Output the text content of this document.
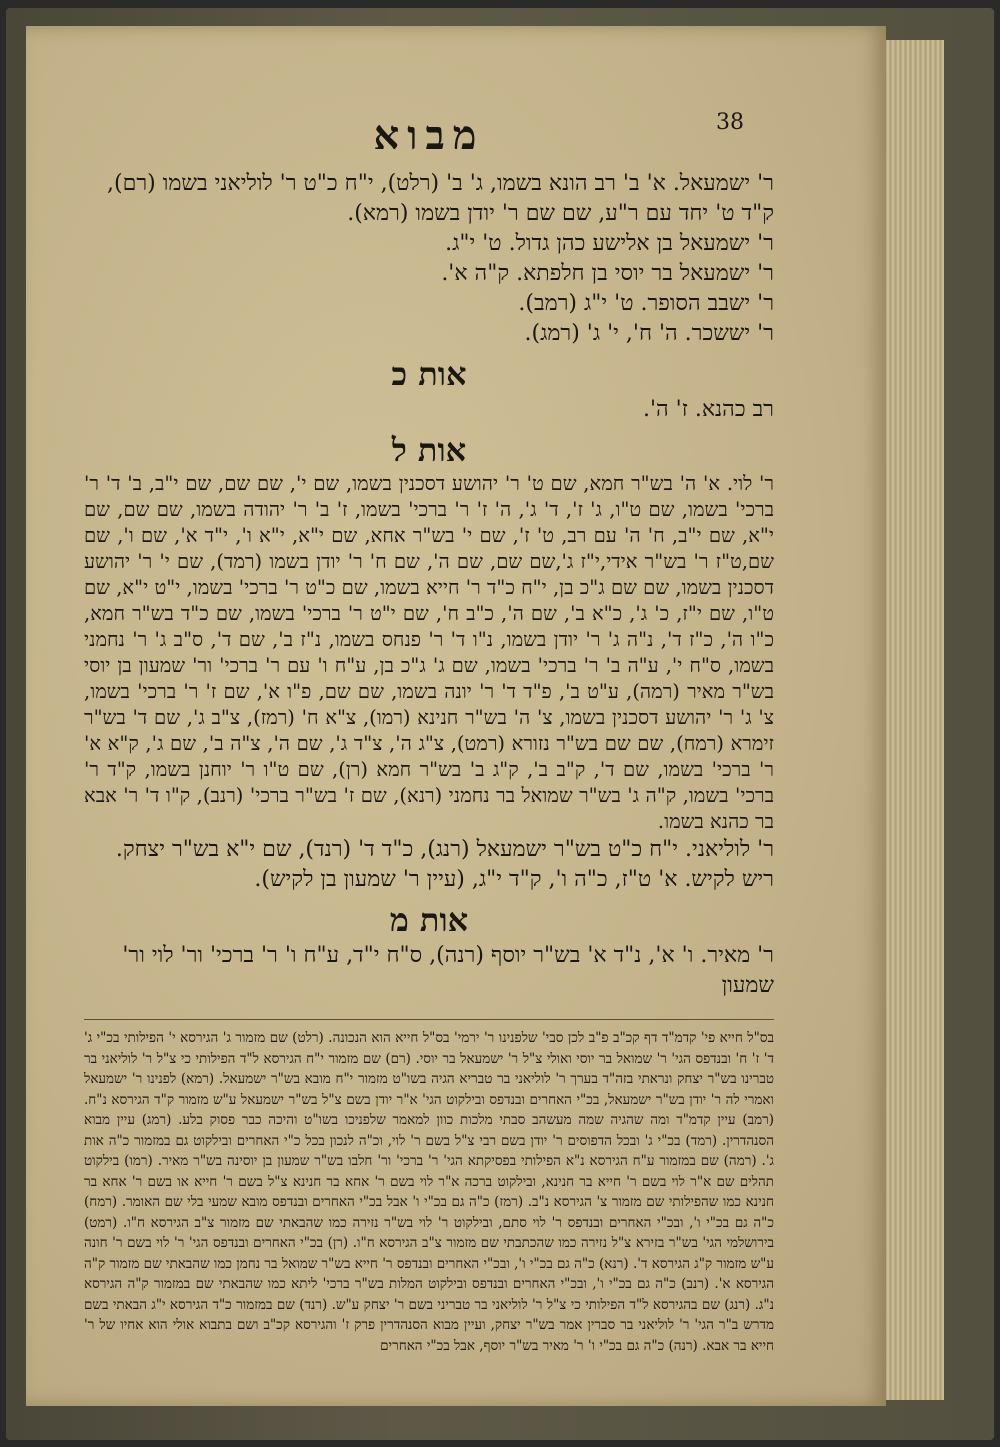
38
מבוא

ר' ישמעאל. א' ב' רב הונא בשמו, ג' ב' (רלט), י"ח כ"ט ר' לוליאני בשמו (רם), ק"ד ט' יחד עם ר"ע, שם שם ר' יודן בשמו (רמא).

ר' ישמעאל בן אלישע כהן גדול. ט' י"ג.

ר' ישמעאל בר יוסי בן חלפתא. ק"ה א'.

ר' ישבב הסופר. ט' י"ג (רמב).

ר' יששכר. ה' ח', י' ג' (רמג).

אות כ

רב כהנא. ז' ה'.

אות ל

ר' לוי. א' ה' בש"ר חמא, שם ט' ר' יהושע דסכנין בשמו, שם י', שם שם, שם י"ב, ב' ד' ר' ברכי' בשמו, שם ט"ו, ג' ז', ד' ג', ה' ז' ר' ברכי' בשמו, ז' ב' ר' יהודה בשמו, שם שם, שם י"א, שם י"ב, ח' ה' עם רב, ט' ז', שם י' בש"ר אחא, שם י"א, י"א ו', י"ד א', שם ו', שם שם,ט"ז ר' בש"ר אידי,י"ז ג',שם שם, שם ה', שם ח' ר' יודן בשמו (רמד), שם י' ר' יהושע דסכנין בשמו, שם שם ג"כ בן, י"ח כ"ד ר' חייא בשמו, שם כ"ט ר' ברכי' בשמו, י"ט י"א, שם ט"ו, שם י"ז, כ' ג', כ"א ב', שם ה', כ"ב ח', שם י"ט ר' ברכי' בשמו, שם כ"ד בש"ר חמא, כ"ו ה', כ"ז ד', נ"ה ג' ר' יודן בשמו, נ"ו ד' ר' פנחס בשמו, נ"ז ב', שם ד', ס"ב ג' ר' נחמני בשמו, ס"ח י', ע"ה ב' ר' ברכי' בשמו, שם ג' ג"כ בן, ע"ח ו' עם ר' ברכי' ור' שמעון בן יוסי בש"ר מאיר (רמה), ע"ט ב', פ"ד ד' ר' יונה בשמו, שם שם, פ"ו א', שם ז' ר' ברכי' בשמו, צ' ג' ר' יהושע דסכנין בשמו, צ' ה' בש"ר חנינא (רמו), צ"א ח' (רמז), צ"ב ג', שם ד' בש"ר זימרא (רמח), שם שם בש"ר נזורא (רמט), צ"ג ה', צ"ד ג', שם ה', צ"ה ב', שם ג', ק"א א' ר' ברכי' בשמו, שם ד', ק"ב ב', ק"ג ב' בש"ר חמא (רן), שם ט"ו ר' יוחנן בשמו, ק"ד ר' ברכי' בשמו, ק"ה ג' בש"ר שמואל בר נחמני (רנא), שם ז' בש"ר ברכי' (רנב), ק"ו ד' ר' אבא בר כהנא בשמו.

ר' לוליאני. י"ח כ"ט בש"ר ישמעאל (רנג), כ"ד ד' (רנד), שם י"א בש"ר יצחק.

ריש לקיש. א' ט"ז, כ"ה ו', ק"ד י"ג, (עיין ר' שמעון בן לקיש).

אות מ

ר' מאיר. ו' א', נ"ד א' בש"ר יוסף (רנה), ס"ח י"ד, ע"ח ו' ר' ברכי' ור' לוי ור' שמעון

בס"ל חייא פי' קדמ"ד דף קכ"ב פ"ב לכן סבי' שלפנינו ר' ירמי' בס"ל חייא הוא הנכונה. (רלט) שם מזמור ג' הגירסא י' הפילותי בכ"י ג' ד' ז' ח' ובנדפס הגי' ר' שמואל בר יוסי ואולי צ"ל ר' ישמעאל בר יוסי. (רם) שם מזמור י"ח הגירסא ל"ד הפילותי כי צ"ל ר' לוליאני בר טברינו בש"ר יצחק ונראתי בזה"ד בערך ר' לוליאני בר טבריא הגיה בשו"ט מזמור י"ח מובא בש"ר ישמעאל. (רמא) לפנינו ר' ישמעאל ואמרי לה ר' יודן בש"ר ישמעאל, בכ"י האחרים ובנדפס ובילקוט הגי' א"ר יודן בשם צ"ל בש"ר ישמעאל ע"ש מזמור ק"ד הגירסא נ"ח. (רמב) עיין קדמ"ד ומה שהגיה שמה מעשהב סבתי מלכות כוון למאמר שלפניכו בשו"ט והיכה כבר פסוק בלע. (רמג) עיין מבוא הסנהדרין. (רמד) בכ"י ג' ובכל הדפוסים ר' יודן בשם רבי צ"ל בשם ר' לוי, וכ"ה לנכון בכל כ"י האחרים ובילקוט גם במזמור כ"ה אות ג'. (רמה) שם במזמור ע"ח הגירסא נ"א הפילותי בפסיקתא הגי' ר' ברכי' ור' חלבו בש"ר שמעון בן יוסינה בש"ר מאיר. (רמו) בילקוט תהלים שם א"ר לוי בשם ר' חייא בר חנינא, ובילקוט ברכה א"ר לוי בשם ר' אחא בר חנינא צ"ל בשם ר' חייא או בשם ר' אחא בר חנינא כמו שהפילותי שם מזמור צ' הגירסא נ"ב. (רמז) כ"ה גם בכ"י ו' אבל בכ"י האחרים ובנדפס מובא שמעי בלי שם האומר. (רמח) כ"ה גם בכ"י ו', ובכ"י האחרים ובנדפס ר' לוי סתם, ובילקוט ר' לוי בש"ר נזירה כמו שהבאתי שם מזמור צ"ב הגירסא ח"ו. (רמט) בירושלמי הגי' בש"ר בזירא צ"ל נזירה כמו שהכתבתי שם מזמור צ"ב הגירסא ח"ו. (רן) בכ"י האחרים ובנדפס הגי' ר' לוי בשם ר' חונה ע"ש מזמור ק"ג הגירסא ד'. (רנא) כ"ה גם בכ"י ו', ובכ"י האחרים ובנדפס ר' חייא בש"ר שמואל בר נחמן כמו שהבאתי שם מזמור ק"ה הגירסא א'. (רנב) כ"ה גם בכ"י ו', ובכ"י האחרים ובנדפס ובילקוט המלות בש"ר ברכי' ליתא כמו שהבאתי שם במזמור ק"ה הגירסא נ"ג. (רנג) שם בהגירסא ל"ד הפילותי כי צ"ל ר' לוליאני בר טבריני בשם ר' יצחק ע"ש. (רנד) שם במזמור כ"ד הגירסא י"ג הבאתי בשם מדרש ב"ר הגי' ר' לוליאני בר סברין אמר בש"ר יצחק, ועיין מבוא הסנהדרין פרק ז' והגירסא קכ"ב ושם בתבוא אולי הוא אחיו של ר' חייא בר אבא. (רנה) כ"ה גם בכ"י ו' ר' מאיר בש"ר יוסף, אבל בכ"י האחרים
